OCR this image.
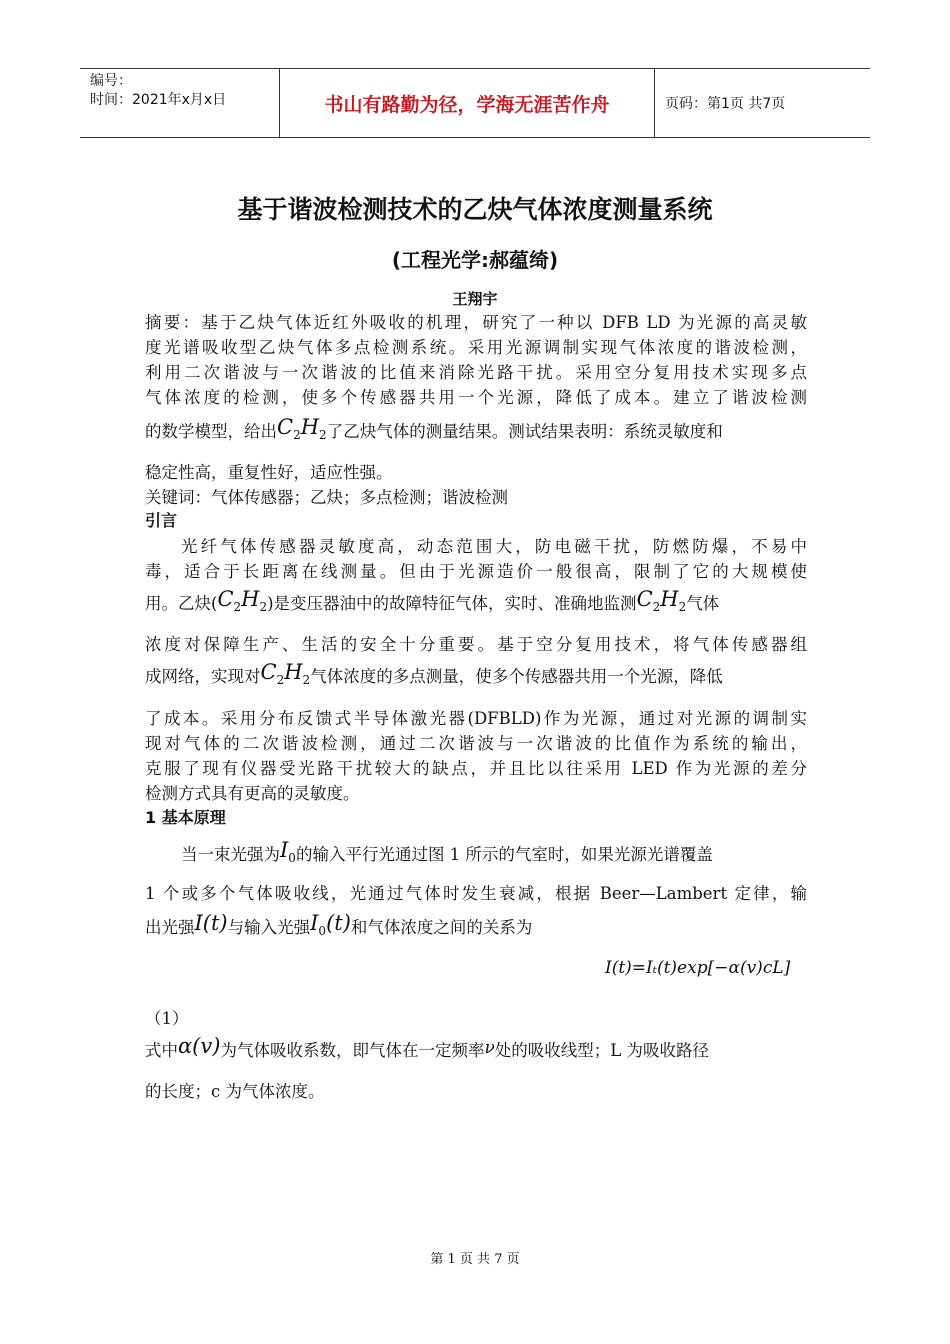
编号：
时间：2021年x月x日	书山有路勤为径，学海无涯苦作舟	页码：第1页 共7页
基于谐波检测技术的乙炔气体浓度测量系统
(工程光学:郝蕴绮)
王翔宇
摘要：基于乙炔气体近红外吸收的机理，研究了一种以 DFB LD 为光源的高灵敏
度光谱吸收型乙炔气体多点检测系统。采用光源调制实现气体浓度的谐波检测，
利用二次谐波与一次谐波的比值来消除光路干扰。采用空分复用技术实现多点
气体浓度的检测，使多个传感器共用一个光源，降低了成本。建立了谐波检测
的数学模型，给出$C_2H_2$了乙炔气体的测量结果。测试结果表明：系统灵敏度和
稳定性高，重复性好，适应性强。
关键词：气体传感器；乙炔；多点检测；谐波检测
引言
光纤气体传感器灵敏度高，动态范围大，防电磁干扰，防燃防爆，不易中
毒，适合于长距离在线测量。但由于光源造价一般很高，限制了它的大规模使
用。乙炔$(C_2H_2)$是变压器油中的故障特征气体，实时、准确地监测$C_2H_2$气体
浓度对保障生产、生活的安全十分重要。基于空分复用技术，将气体传感器组
成网络，实现对$C_2H_2$气体浓度的多点测量，使多个传感器共用一个光源，降低
了成本。采用分布反馈式半导体激光器(DFBLD)作为光源，通过对光源的调制实
现对气体的二次谐波检测，通过二次谐波与一次谐波的比值作为系统的输出，
克服了现有仪器受光路干扰较大的缺点，并且比以往采用 LED 作为光源的差分
检测方式具有更高的灵敏度。
1 基本原理
当一束光强为$I_0$的输入平行光通过图 1 所示的气室时，如果光源光谱覆盖
1 个或多个气体吸收线，光通过气体时发生衰减，根据 Beer—Lambert 定律，输
出光强I(t)与输入光强$I_0(t)$和气体浓度之间的关系为
I(t)=Iₜ(t)exp[−α(v)cL]
（1）
式中α(v)为气体吸收系数，即气体在一定频率ν处的吸收线型；L 为吸收路径
的长度；c 为气体浓度。
第 1 页 共 7 页
